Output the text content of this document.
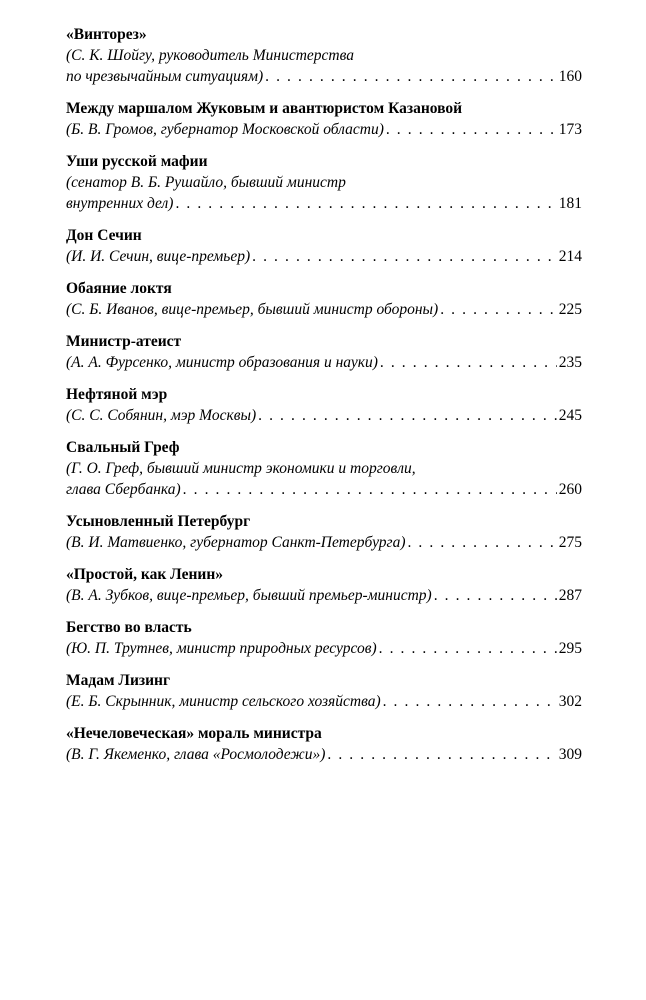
«Винторез»
(С. К. Шойгу, руководитель Министерства
по чрезвычайным ситуациям) . . .	160
Между маршалом Жуковым и авантюристом Казановой
(Б. В. Громов, губернатор Московской области) . . .	173
Уши русской мафии
(сенатор В. Б. Рушайло, бывший министр
внутренних дел) . . .	181
Дон Сечин
(И. И. Сечин, вице-премьер) . . .	214
Обаяние локтя
(С. Б. Иванов, вице-премьер, бывший министр обороны) . . .	225
Министр-атеист
(А. А. Фурсенко, министр образования и науки) . . .	235
Нефтяной мэр
(С. С. Собянин, мэр Москвы) . . .	245
Свальный Греф
(Г. О. Греф, бывший министр экономики и торговли,
глава Сбербанка) . . .	260
Усыновленный Петербург
(В. И. Матвиенко, губернатор Санкт-Петербурга) . . .	275
«Простой, как Ленин»
(В. А. Зубков, вице-премьер, бывший премьер-министр) . . .	287
Бегство во власть
(Ю. П. Трутнев, министр природных ресурсов) . . .	295
Мадам Лизинг
(Е. Б. Скрынник, министр сельского хозяйства) . . .	302
«Нечеловеческая» мораль министра
(В. Г. Якеменко, глава «Росмолодежи») . . .	309
